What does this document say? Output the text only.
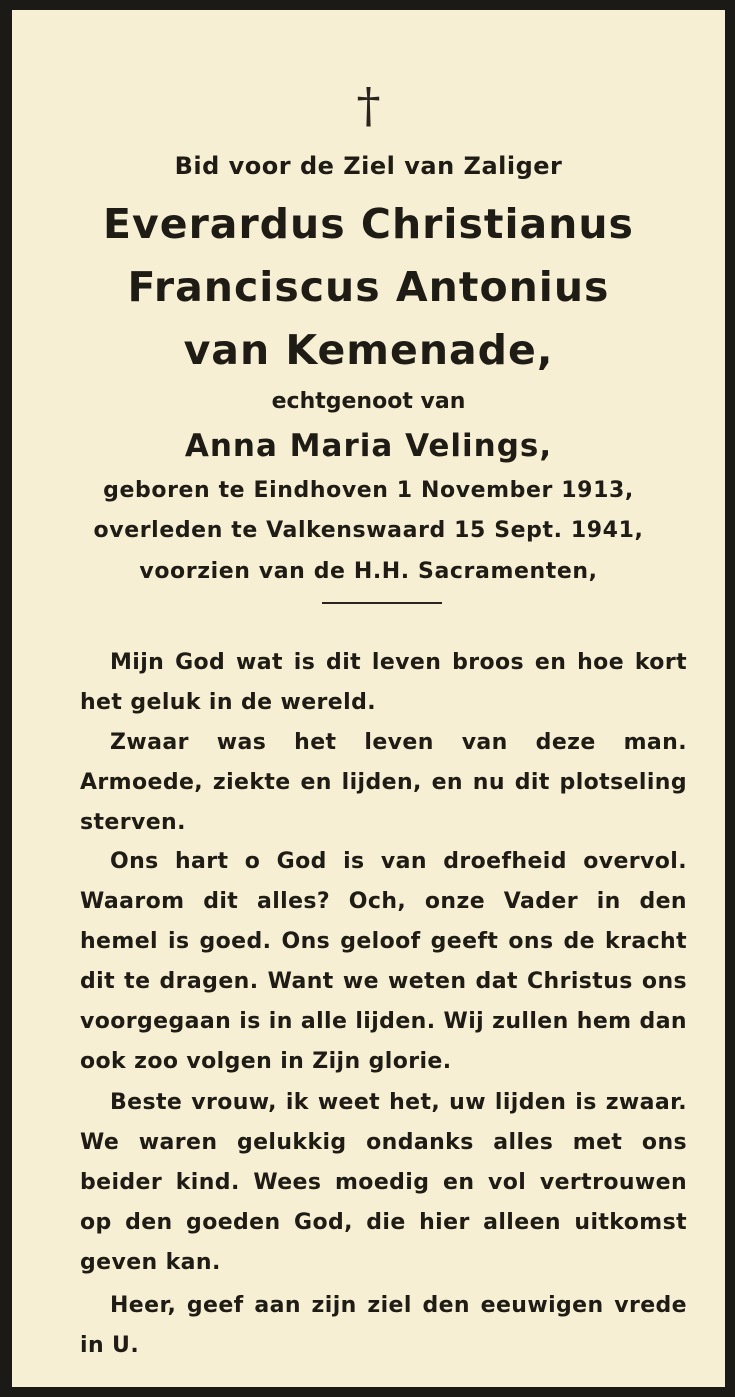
†

Bid voor de Ziel van Zaliger

Everardus Christianus

Franciscus Antonius

van Kemenade,

echtgenoot van

Anna Maria Velings,

geboren te Eindhoven 1 November 1913,

overleden te Valkenswaard 15 Sept. 1941,

voorzien van de H.H. Sacramenten,

Mijn God wat is dit leven broos en hoe kort het geluk in de wereld.

Zwaar was het leven van deze man. Armoede, ziekte en lijden, en nu dit plotseling sterven.

Ons hart o God is van droefheid overvol. Waarom dit alles? Och, onze Vader in den hemel is goed. Ons geloof geeft ons de kracht dit te dragen. Want we weten dat Christus ons voorgegaan is in alle lijden. Wij zullen hem dan ook zoo volgen in Zijn glorie.

Beste vrouw, ik weet het, uw lijden is zwaar. We waren gelukkig ondanks alles met ons beider kind. Wees moedig en vol vertrouwen op den goeden God, die hier alleen uitkomst geven kan.

Heer, geef aan zijn ziel den eeuwigen vrede in U.
